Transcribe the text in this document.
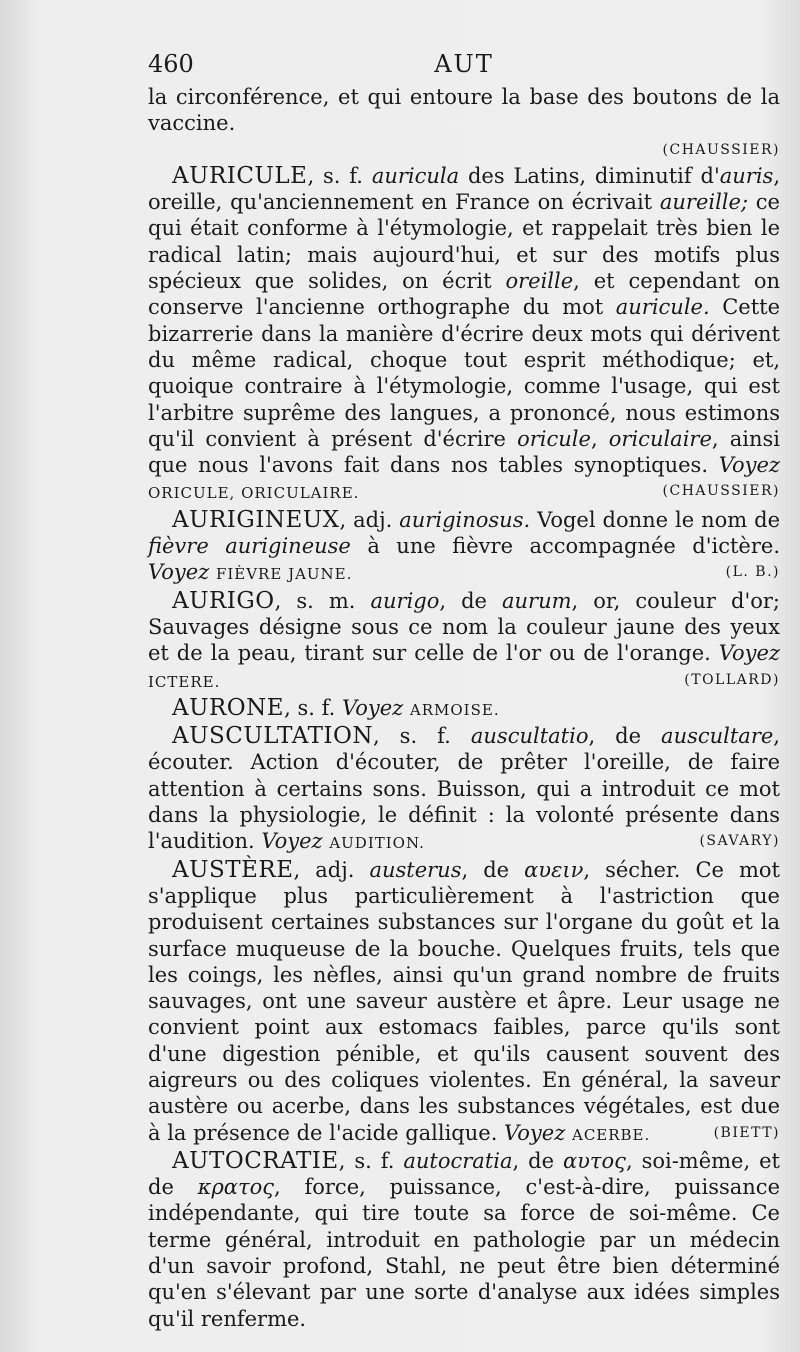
460	AUT
la circonférence, et qui entoure la base des boutons de la vaccine.
(CHAUSSIER)

AURICULE, s. f. auricula des Latins, diminutif d'auris, oreille, qu'anciennement en France on écrivait aureille; ce qui était conforme à l'étymologie, et rappelait très bien le radical latin; mais aujourd'hui, et sur des motifs plus spécieux que solides, on écrit oreille, et cependant on conserve l'ancienne orthographe du mot auricule. Cette bizarrerie dans la manière d'écrire deux mots qui dérivent du même radical, choque tout esprit méthodique; et, quoique contraire à l'étymologie, comme l'usage, qui est l'arbitre suprême des langues, a prononcé, nous estimons qu'il convient à présent d'écrire oricule, oriculaire, ainsi que nous l'avons fait dans nos tables synoptiques. Voyez ORICULE, ORICULAIRE.	(CHAUSSIER)

AURIGINEUX, adj. auriginosus. Vogel donne le nom de fièvre aurigineuse à une fièvre accompagnée d'ictère. Voyez FIÈVRE JAUNE.	(L. B.)

AURIGO, s. m. aurigo, de aurum, or, couleur d'or; Sauvages désigne sous ce nom la couleur jaune des yeux et de la peau, tirant sur celle de l'or ou de l'orange. Voyez ICTERE.	(TOLLARD)

AURONE, s. f. Voyez ARMOISE.

AUSCULTATION, s. f. auscultatio, de auscultare, écouter. Action d'écouter, de prêter l'oreille, de faire attention à certains sons. Buisson, qui a introduit ce mot dans la physiologie, le définit : la volonté présente dans l'audition. Voyez AUDITION.	(SAVARY)

AUSTÈRE, adj. austerus, de αυειν, sécher. Ce mot s'applique plus particulièrement à l'astriction que produisent certaines substances sur l'organe du goût et la surface muqueuse de la bouche. Quelques fruits, tels que les coings, les nèfles, ainsi qu'un grand nombre de fruits sauvages, ont une saveur austère et âpre. Leur usage ne convient point aux estomacs faibles, parce qu'ils sont d'une digestion pénible, et qu'ils causent souvent des aigreurs ou des coliques violentes. En général, la saveur austère ou acerbe, dans les substances végétales, est due à la présence de l'acide gallique. Voyez ACERBE.	(BIETT)

AUTOCRATIE, s. f. autocratia, de αυτος, soi-même, et de κρατος, force, puissance, c'est-à-dire, puissance indépendante, qui tire toute sa force de soi-même. Ce terme général, introduit en pathologie par un médecin d'un savoir profond, Stahl, ne peut être bien déterminé qu'en s'élevant par une sorte d'analyse aux idées simples qu'il renferme.
